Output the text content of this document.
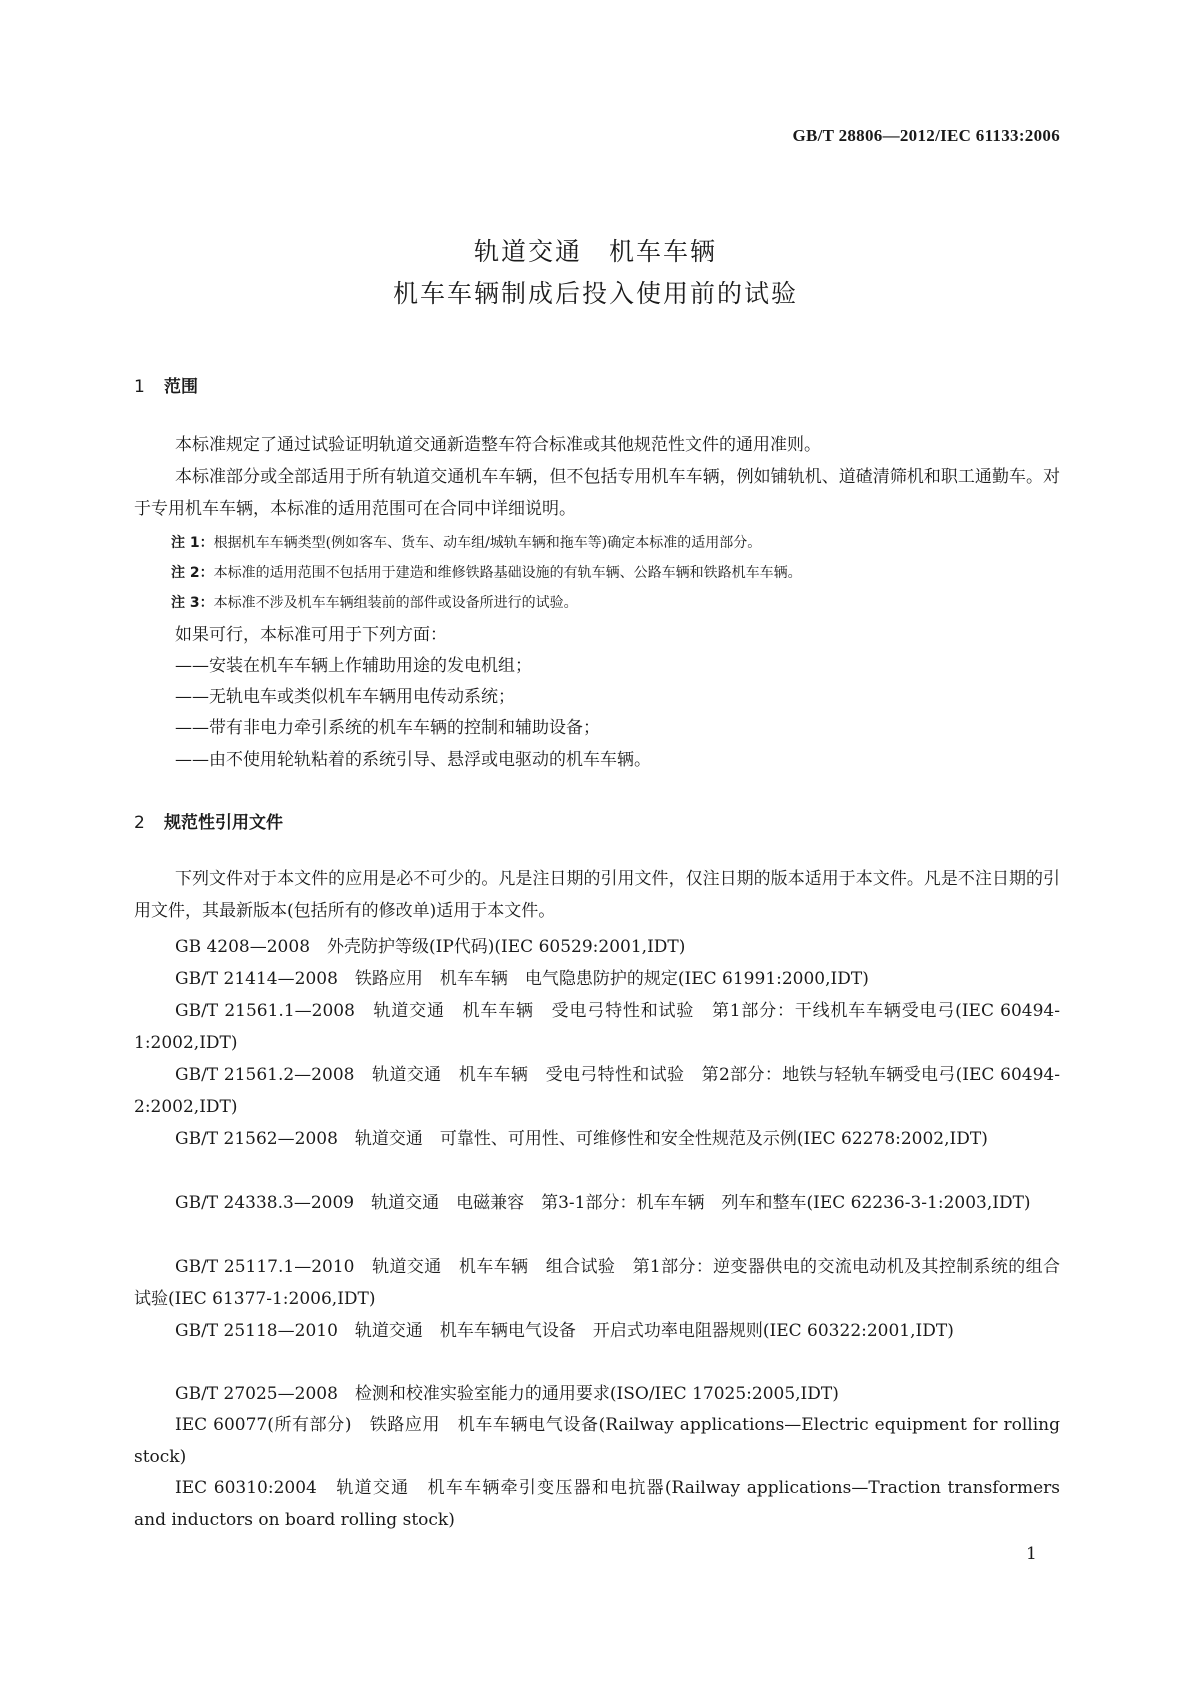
GB/T 28806—2012/IEC 61133:2006
轨道交通　机车车辆
机车车辆制成后投入使用前的试验
1 范围
本标准规定了通过试验证明轨道交通新造整车符合标准或其他规范性文件的通用准则。
本标准部分或全部适用于所有轨道交通机车车辆，但不包括专用机车车辆，例如铺轨机、道碴清筛机和职工通勤车。对于专用机车车辆，本标准的适用范围可在合同中详细说明。
注 1：根据机车车辆类型(例如客车、货车、动车组/城轨车辆和拖车等)确定本标准的适用部分。
注 2：本标准的适用范围不包括用于建造和维修铁路基础设施的有轨车辆、公路车辆和铁路机车车辆。
注 3：本标准不涉及机车车辆组装前的部件或设备所进行的试验。
如果可行，本标准可用于下列方面：
——安装在机车车辆上作辅助用途的发电机组；
——无轨电车或类似机车车辆用电传动系统；
——带有非电力牵引系统的机车车辆的控制和辅助设备；
——由不使用轮轨粘着的系统引导、悬浮或电驱动的机车车辆。
2 规范性引用文件
下列文件对于本文件的应用是必不可少的。凡是注日期的引用文件，仅注日期的版本适用于本文件。凡是不注日期的引用文件，其最新版本(包括所有的修改单)适用于本文件。
GB 4208—2008　外壳防护等级(IP代码)(IEC 60529:2001,IDT)
GB/T 21414—2008　铁路应用　机车车辆　电气隐患防护的规定(IEC 61991:2000,IDT)
GB/T 21561.1—2008　轨道交通　机车车辆　受电弓特性和试验　第1部分：干线机车车辆受电弓(IEC 60494-1:2002,IDT)
GB/T 21561.2—2008　轨道交通　机车车辆　受电弓特性和试验　第2部分：地铁与轻轨车辆受电弓(IEC 60494-2:2002,IDT)
GB/T 21562—2008　轨道交通　可靠性、可用性、可维修性和安全性规范及示例(IEC 62278:2002,IDT)
GB/T 24338.3—2009　轨道交通　电磁兼容　第3-1部分：机车车辆　列车和整车(IEC 62236-3-1:2003,IDT)
GB/T 25117.1—2010　轨道交通　机车车辆　组合试验　第1部分：逆变器供电的交流电动机及其控制系统的组合试验(IEC 61377-1:2006,IDT)
GB/T 25118—2010　轨道交通　机车车辆电气设备　开启式功率电阻器规则(IEC 60322:2001,IDT)
GB/T 27025—2008　检测和校准实验室能力的通用要求(ISO/IEC 17025:2005,IDT)
IEC 60077(所有部分)　铁路应用　机车车辆电气设备(Railway applications—Electric equipment for rolling stock)
IEC 60310:2004　轨道交通　机车车辆牵引变压器和电抗器(Railway applications—Traction transformers and inductors on board rolling stock)
1
